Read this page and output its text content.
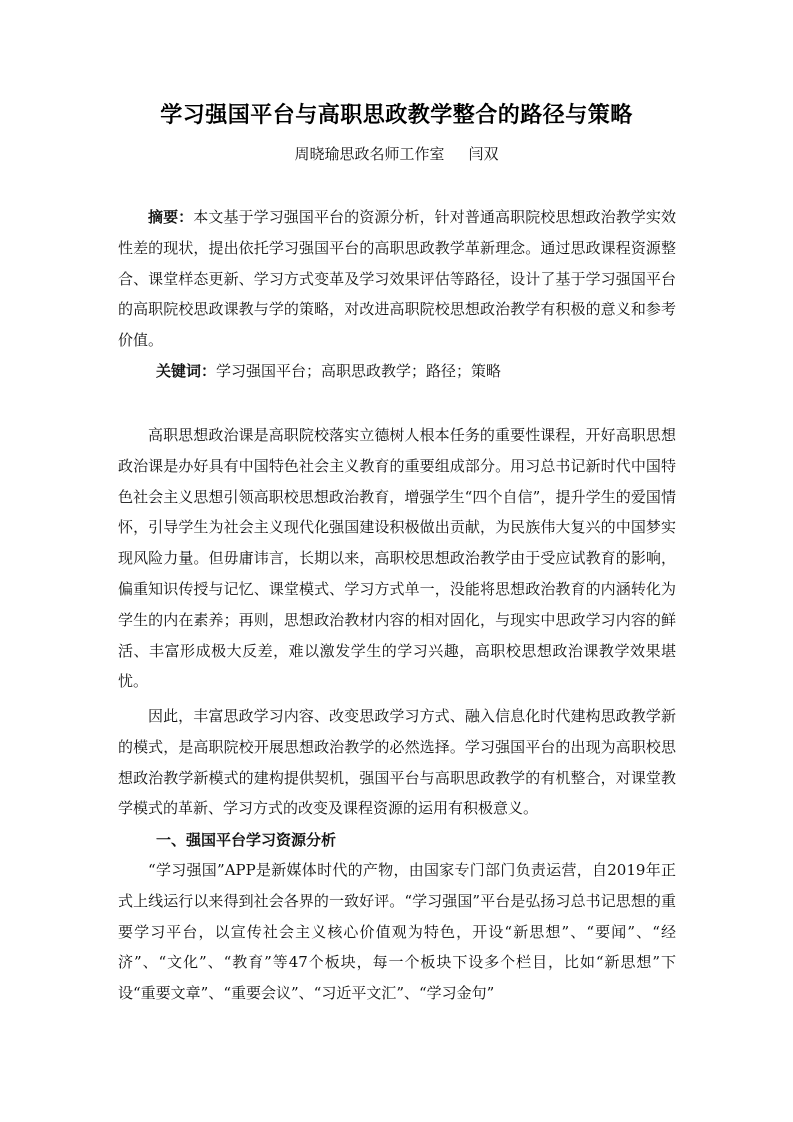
学习强国平台与高职思政教学整合的路径与策略
周晓瑜思政名师工作室 闫双
摘要：本文基于学习强国平台的资源分析，针对普通高职院校思想政治教学实效性差的现状，提出依托学习强国平台的高职思政教学革新理念。通过思政课程资源整合、课堂样态更新、学习方式变革及学习效果评估等路径，设计了基于学习强国平台的高职院校思政课教与学的策略，对改进高职院校思想政治教学有积极的意义和参考价值。
关键词：学习强国平台；高职思政教学；路径；策略
高职思想政治课是高职院校落实立德树人根本任务的重要性课程，开好高职思想政治课是办好具有中国特色社会主义教育的重要组成部分。用习总书记新时代中国特色社会主义思想引领高职校思想政治教育，增强学生“四个自信”，提升学生的爱国情怀，引导学生为社会主义现代化强国建设积极做出贡献，为民族伟大复兴的中国梦实现风险力量。但毋庸讳言，长期以来，高职校思想政治教学由于受应试教育的影响，偏重知识传授与记忆、课堂模式、学习方式单一，没能将思想政治教育的内涵转化为学生的内在素养；再则，思想政治教材内容的相对固化，与现实中思政学习内容的鲜活、丰富形成极大反差，难以激发学生的学习兴趣，高职校思想政治课教学效果堪忧。
因此，丰富思政学习内容、改变思政学习方式、融入信息化时代建构思政教学新的模式，是高职院校开展思想政治教学的必然选择。学习强国平台的出现为高职校思想政治教学新模式的建构提供契机，强国平台与高职思政教学的有机整合，对课堂教学模式的革新、学习方式的改变及课程资源的运用有积极意义。
一、强国平台学习资源分析
“学习强国”APP是新媒体时代的产物，由国家专门部门负责运营，自2019年正式上线运行以来得到社会各界的一致好评。“学习强国”平台是弘扬习总书记思想的重要学习平台，以宣传社会主义核心价值观为特色，开设“新思想”、“要闻”、“经济”、“文化”、“教育”等47个板块，每一个板块下设多个栏目，比如“新思想”下设“重要文章”、“重要会议”、“习近平文汇”、“学习金句”
